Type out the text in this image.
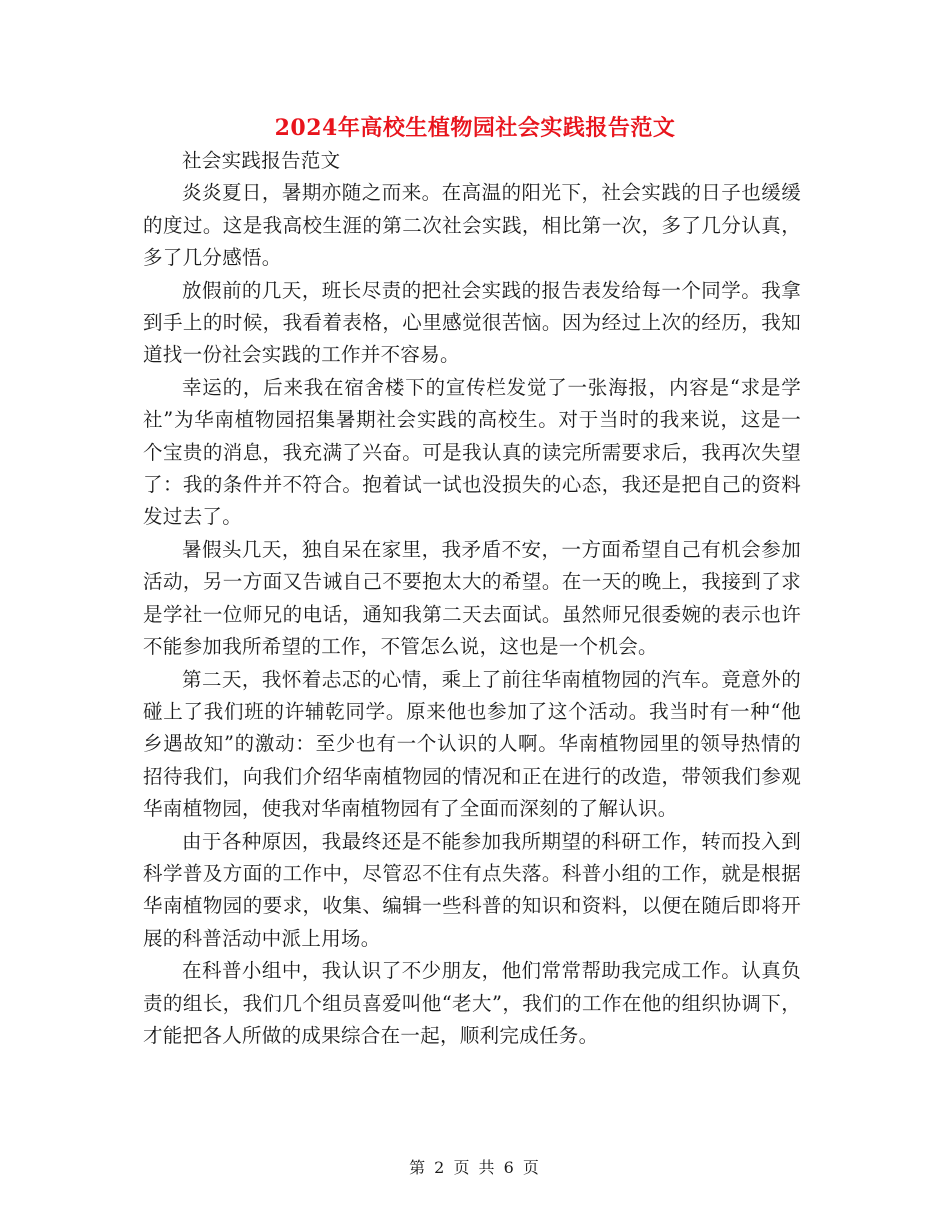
2024年高校生植物园社会实践报告范文

社会实践报告范文

炎炎夏日，暑期亦随之而来。在高温的阳光下，社会实践的日子也缓缓的度过。这是我高校生涯的第二次社会实践，相比第一次，多了几分认真，多了几分感悟。

放假前的几天，班长尽责的把社会实践的报告表发给每一个同学。我拿到手上的时候，我看着表格，心里感觉很苦恼。因为经过上次的经历，我知道找一份社会实践的工作并不容易。

幸运的，后来我在宿舍楼下的宣传栏发觉了一张海报，内容是“求是学社”为华南植物园招集暑期社会实践的高校生。对于当时的我来说，这是一个宝贵的消息，我充满了兴奋。可是我认真的读完所需要求后，我再次失望了：我的条件并不符合。抱着试一试也没损失的心态，我还是把自己的资料发过去了。

暑假头几天，独自呆在家里，我矛盾不安，一方面希望自己有机会参加活动，另一方面又告诫自己不要抱太大的希望。在一天的晚上，我接到了求是学社一位师兄的电话，通知我第二天去面试。虽然师兄很委婉的表示也许不能参加我所希望的工作，不管怎么说，这也是一个机会。

第二天，我怀着忐忑的心情，乘上了前往华南植物园的汽车。竟意外的碰上了我们班的许辅乾同学。原来他也参加了这个活动。我当时有一种“他乡遇故知”的激动：至少也有一个认识的人啊。华南植物园里的领导热情的招待我们，向我们介绍华南植物园的情况和正在进行的改造，带领我们参观华南植物园，使我对华南植物园有了全面而深刻的了解认识。

由于各种原因，我最终还是不能参加我所期望的科研工作，转而投入到科学普及方面的工作中，尽管忍不住有点失落。科普小组的工作，就是根据华南植物园的要求，收集、编辑一些科普的知识和资料，以便在随后即将开展的科普活动中派上用场。

在科普小组中，我认识了不少朋友，他们常常帮助我完成工作。认真负责的组长，我们几个组员喜爱叫他“老大”，我们的工作在他的组织协调下，才能把各人所做的成果综合在一起，顺利完成任务。

第 2 页 共 6 页
